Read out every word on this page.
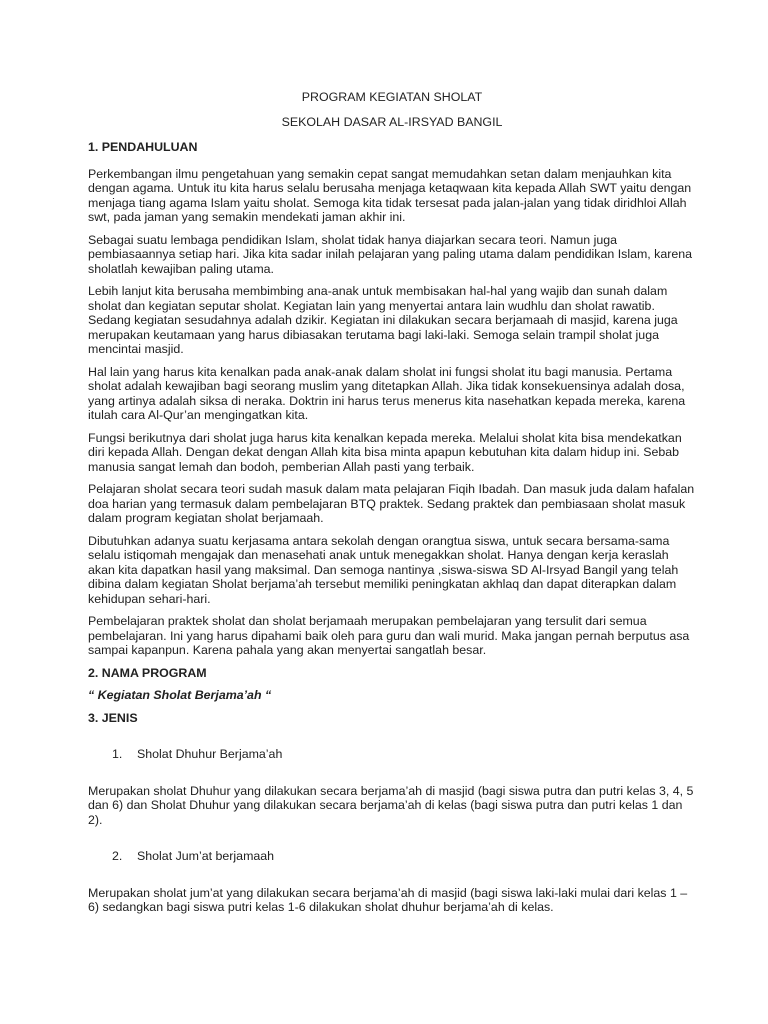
PROGRAM KEGIATAN SHOLAT

SEKOLAH DASAR AL-IRSYAD BANGIL

1. PENDAHULUAN

Perkembangan ilmu pengetahuan yang semakin cepat sangat memudahkan setan dalam menjauhkan kita dengan agama. Untuk itu kita harus selalu berusaha menjaga ketaqwaan kita kepada Allah SWT yaitu dengan menjaga tiang agama Islam yaitu sholat. Semoga kita tidak tersesat pada jalan-jalan yang tidak diridhloi Allah swt, pada jaman yang semakin mendekati jaman akhir ini.

Sebagai suatu lembaga pendidikan Islam, sholat tidak hanya diajarkan secara teori. Namun juga pembiasaannya setiap hari. Jika kita sadar inilah pelajaran yang paling utama dalam pendidikan Islam, karena sholatlah kewajiban paling utama.

Lebih lanjut kita berusaha membimbing ana-anak untuk membisakan hal-hal yang wajib dan sunah dalam sholat dan kegiatan seputar sholat. Kegiatan lain yang menyertai antara lain wudhlu dan sholat rawatib. Sedang kegiatan sesudahnya adalah dzikir. Kegiatan ini dilakukan secara berjamaah di masjid, karena juga merupakan keutamaan yang harus dibiasakan terutama bagi laki-laki. Semoga selain trampil sholat juga mencintai masjid.

Hal lain yang harus kita kenalkan pada anak-anak dalam sholat ini fungsi sholat itu bagi manusia. Pertama sholat adalah kewajiban bagi seorang muslim yang ditetapkan Allah. Jika tidak konsekuensinya adalah dosa, yang artinya adalah siksa di neraka. Doktrin ini harus terus menerus kita nasehatkan kepada mereka, karena itulah cara Al-Qur’an mengingatkan kita.

Fungsi berikutnya dari sholat juga harus kita kenalkan kepada mereka. Melalui sholat kita bisa mendekatkan diri kepada Allah. Dengan dekat dengan Allah kita bisa minta apapun kebutuhan kita dalam hidup ini. Sebab manusia sangat lemah dan bodoh, pemberian Allah pasti yang terbaik.

Pelajaran sholat secara teori sudah masuk dalam mata pelajaran Fiqih Ibadah. Dan masuk juda dalam hafalan doa harian yang termasuk dalam pembelajaran BTQ praktek. Sedang praktek dan pembiasaan sholat masuk dalam program kegiatan sholat berjamaah.

Dibutuhkan adanya suatu kerjasama antara sekolah dengan orangtua siswa, untuk secara bersama-sama selalu istiqomah mengajak dan menasehati anak untuk menegakkan sholat. Hanya dengan kerja keraslah akan kita dapatkan hasil yang maksimal. Dan semoga nantinya ,siswa-siswa SD Al-Irsyad Bangil yang telah dibina dalam kegiatan Sholat berjama’ah tersebut memiliki peningkatan akhlaq dan dapat diterapkan dalam kehidupan sehari-hari.

Pembelajaran praktek sholat dan sholat berjamaah merupakan pembelajaran yang tersulit dari semua pembelajaran. Ini yang harus dipahami baik oleh para guru dan wali murid. Maka jangan pernah berputus asa sampai kapanpun. Karena pahala yang akan menyertai sangatlah besar.

2. NAMA PROGRAM

“ Kegiatan Sholat Berjama’ah “

3. JENIS

1.	Sholat Dhuhur Berjama’ah

Merupakan sholat Dhuhur yang dilakukan secara berjama’ah di masjid (bagi siswa putra dan putri kelas 3, 4, 5 dan 6) dan Sholat Dhuhur yang dilakukan secara berjama’ah di kelas (bagi siswa putra dan putri kelas 1 dan 2).

2.	Sholat Jum’at berjamaah

Merupakan sholat jum’at yang dilakukan secara berjama’ah di masjid (bagi siswa laki-laki mulai dari kelas 1 – 6) sedangkan bagi siswa putri kelas 1-6 dilakukan sholat dhuhur berjama’ah di kelas.
